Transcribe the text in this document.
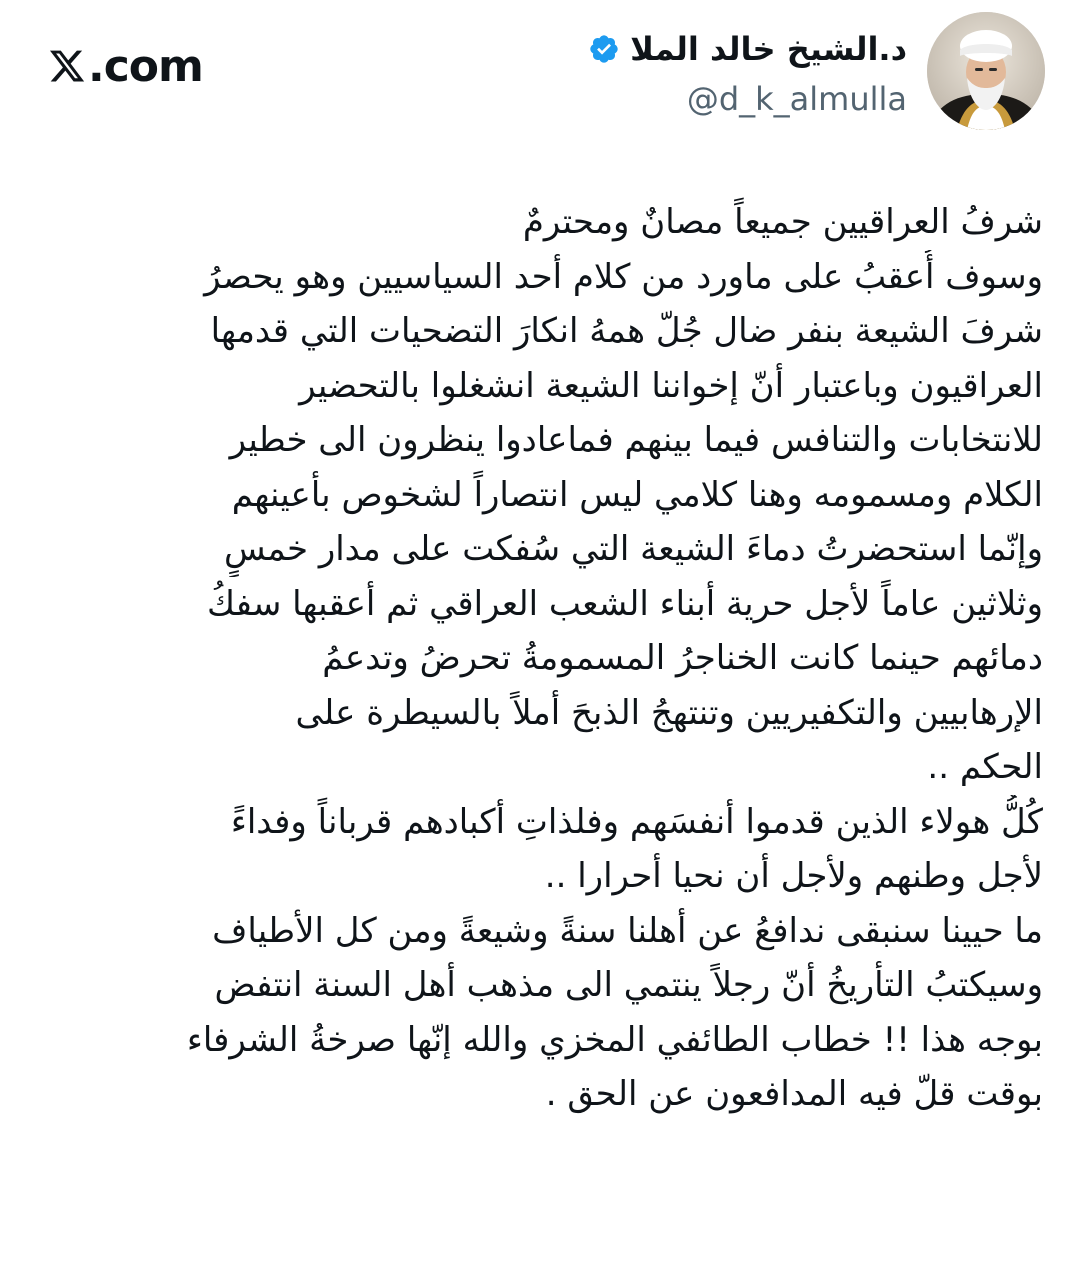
.com	د.الشيخ خالد الملا
@d_k_almulla
شرفُ العراقيين جميعاً مصانٌ ومحترمٌ
وسوف أُعقبُ على ماورد من كلام أحد السياسيين وهو يحصرُ
شرفَ الشيعة بنفر ضال جُلّ همهُ انكارَ التضحيات التي قدمها
العراقيون وباعتبار أنّ إخواننا الشيعة انشغلوا بالتحضير
للانتخابات والتنافس فيما بينهم فماعادوا ينظرون الى خطير
الكلام ومسمومه وهنا كلامي ليس انتصاراً لشخوص بأعينهم
وإنّما استحضرتُ دماءَ الشيعة التي سُفكت على مدار خمسٍ
وثلاثين عاماً لأجل حرية أبناء الشعب العراقي ثم أعقبها سفكُ
دمائهم حينما كانت الخناجرُ المسمومةُ تحرضُ وتدعمُ
الإرهابيين والتكفيريين وتنتهجُ الذبحَ أملاً بالسيطرة على
الحكم ..
كُلُّ هولاء الذين قدموا أنفسَهم وفلذاتِ أكبادهم قرباناً وفداءً
لأجل وطنهم ولأجل أن نحيا أحرارا ..
ما حيينا سنبقى ندافعُ عن أهلنا سنةً وشيعةً ومن كل الأطياف
وسيكتبُ التأريخُ أنّ رجلاً ينتمي الى مذهب أهل السنة انتفض
بوجه هذا !! خطاب الطائفي المخزي والله إنّها صرخةُ الشرفاء
بوقت قلّ فيه المدافعون عن الحق .
